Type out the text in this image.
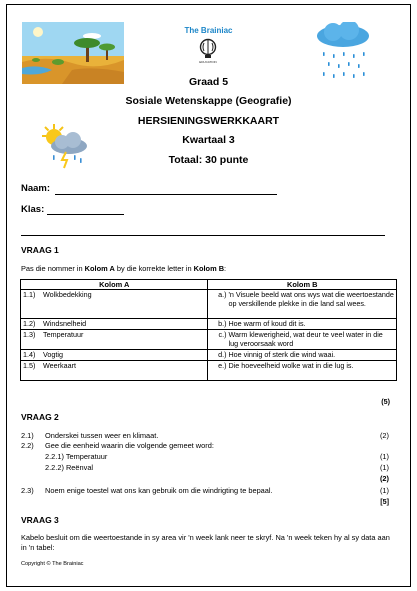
The Brainiac
EDUCATION
Graad 5
Sosiale Wetenskappe (Geografie)
HERSIENINGSWERKKAART
Kwartaal 3
Totaal: 30 punte
Naam:
Klas:
VRAAG 1
Pas die nommer in Kolom A by die korrekte letter in Kolom B:
Kolom A	Kolom B
1.1) Wolkbedekking	a.) 'n Visuele beeld wat ons wys wat die weertoestande op verskillende plekke in die land sal wees.

1.2) Windsnelheid	b.) Hoe warm of koud dit is.

1.3) Temperatuur	c.) Warm klewerigheid, wat deur te veel water in die lug veroorsaak word

1.4) Vogtig	d.) Hoe vinnig of sterk die wind waai.

1.5) Weerkaart	e.) Die hoeveelheid wolke wat in die lug is.
(5)
VRAAG 2
2.1) Onderskei tussen weer en klimaat.	(2)
2.2) Gee die eenheid waarin die volgende gemeet word:
2.2.1) Temperatuur	(1)
2.2.2) Reënval	(1)
(2)
2.3) Noem enige toestel wat ons kan gebruik om die windrigting te bepaal.	(1)
[5]
VRAAG 3
Kabelo besluit om die weertoestande in sy area vir 'n week lank neer te skryf. Na 'n week teken hy al sy data aan in 'n tabel:
Copyright © The Brainiac
